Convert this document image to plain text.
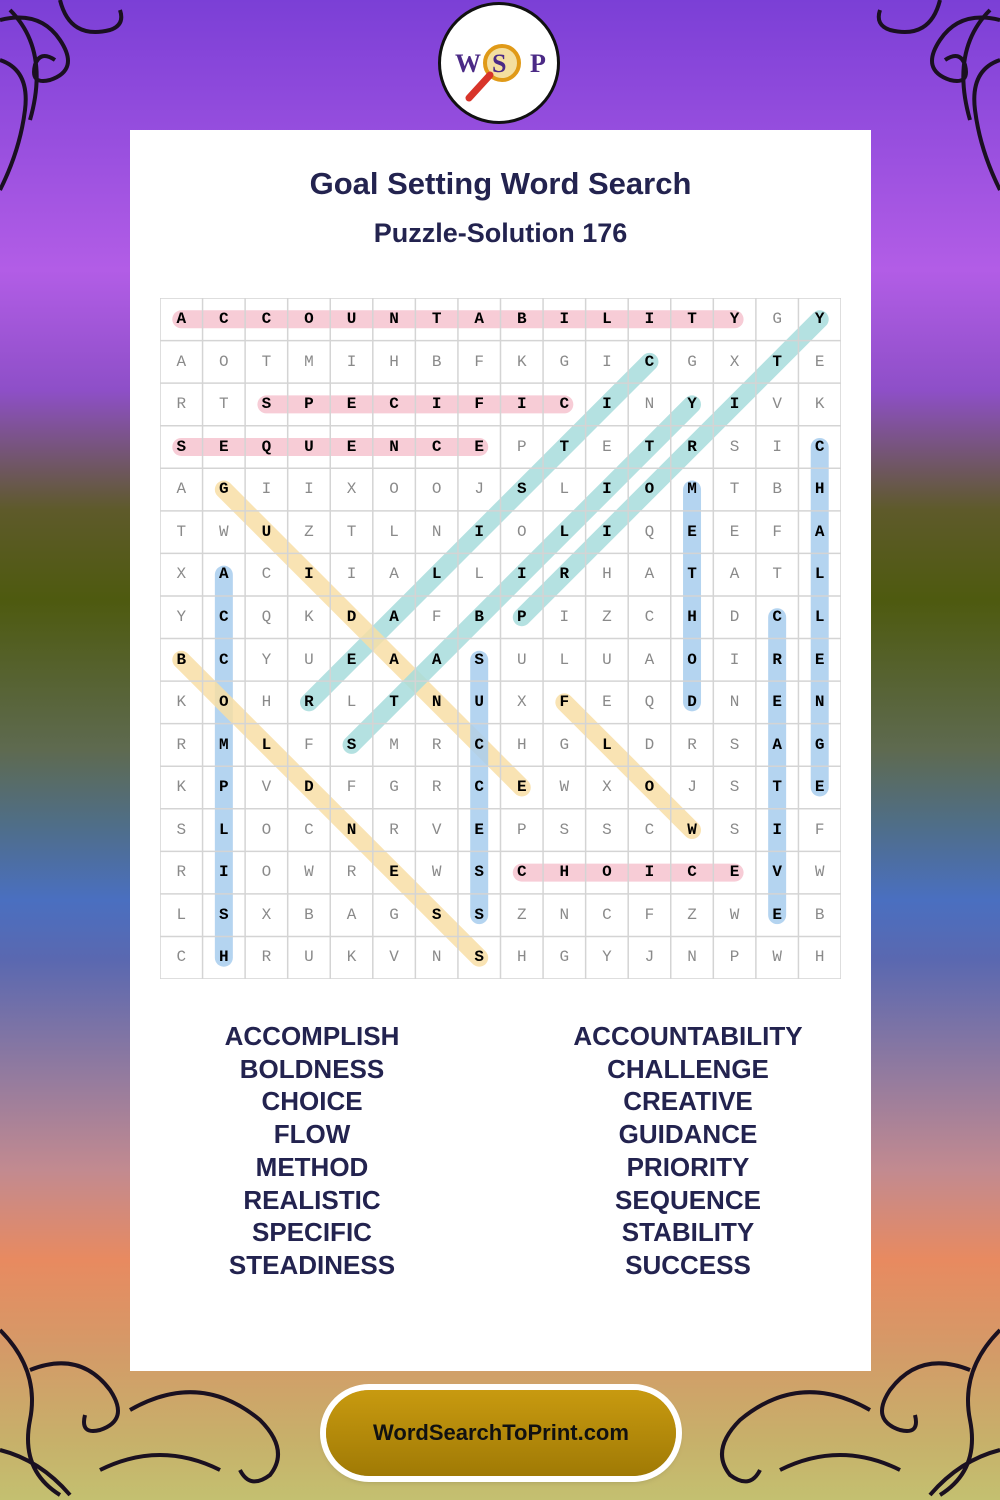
W S P
Goal Setting Word Search
Puzzle-Solution 176
A	C	C	O	U	N	T	A	B	I	L	I	T	Y	G	Y
A	O	T	M	I	H	B	F	K	G	I	C	G	X	T	E
R	T	S	P	E	C	I	F	I	C	I	N	Y	I	V	K
S	E	Q	U	E	N	C	E	P	T	E	T	R	S	I	C
A	G	I	I	X	O	O	J	S	L	I	O	M	T	B	H
T	W	U	Z	T	L	N	I	O	L	I	Q	E	E	F	A
X	A	C	I	I	A	L	L	I	R	H	A	T	A	T	L
Y	C	Q	K	D	A	F	B	P	I	Z	C	H	D	C	L
B	C	Y	U	E	A	A	S	U	L	U	A	O	I	R	E
K	O	H	R	L	T	N	U	X	F	E	Q	D	N	E	N
R	M	L	F	S	M	R	C	H	G	L	D	R	S	A	G
K	P	V	D	F	G	R	C	E	W	X	O	J	S	T	E
S	L	O	C	N	R	V	E	P	S	S	C	W	S	I	F
R	I	O	W	R	E	W	S	C	H	O	I	C	E	V	W
L	S	X	B	A	G	S	S	Z	N	C	F	Z	W	E	B
C	H	R	U	K	V	N	S	H	G	Y	J	N	P	W	H
ACCOMPLISH
BOLDNESS
CHOICE
FLOW
METHOD
REALISTIC
SPECIFIC
STEADINESS
ACCOUNTABILITY
CHALLENGE
CREATIVE
GUIDANCE
PRIORITY
SEQUENCE
STABILITY
SUCCESS
WordSearchToPrint.com
